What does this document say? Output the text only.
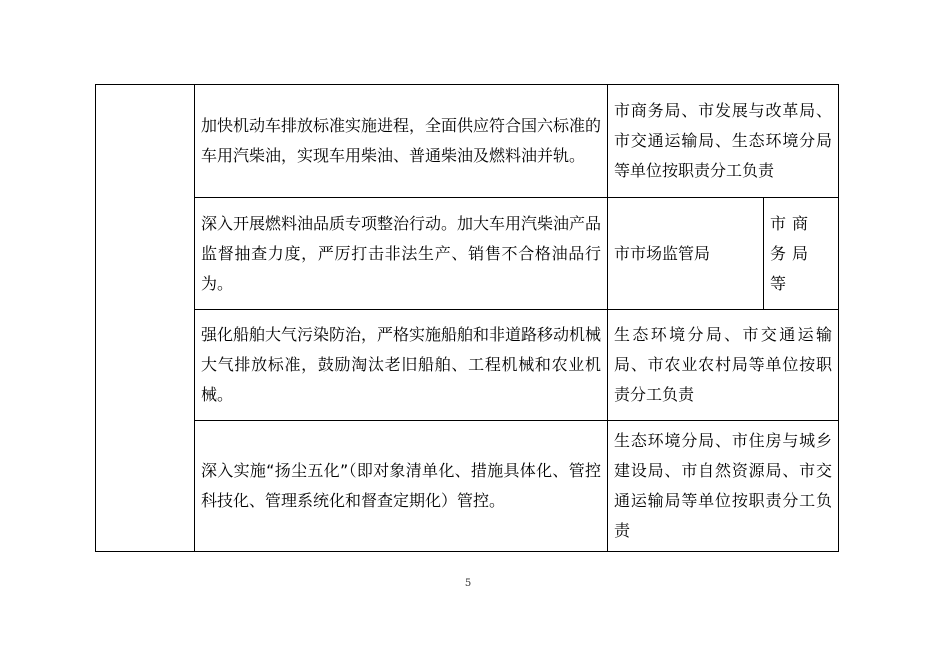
	加快机动车排放标准实施进程，全面供应符合国六标准的车用汽柴油，实现车用柴油、普通柴油及燃料油并轨。	市商务局、市发展与改革局、市交通运输局、生态环境分局等单位按职责分工负责	
	深入开展燃料油品质专项整治行动。加大车用汽柴油产品监督抽查力度，严厉打击非法生产、销售不合格油品行为。	市市场监管局	市商务局等
	强化船舶大气污染防治，严格实施船舶和非道路移动机械大气排放标准，鼓励淘汰老旧船舶、工程机械和农业机械。	生态环境分局、市交通运输局、市农业农村局等单位按职责分工负责	
	深入实施“扬尘五化”（即对象清单化、措施具体化、管控科技化、管理系统化和督查定期化）管控。	生态环境分局、市住房与城乡建设局、市自然资源局、市交通运输局等单位按职责分工负责	
5
